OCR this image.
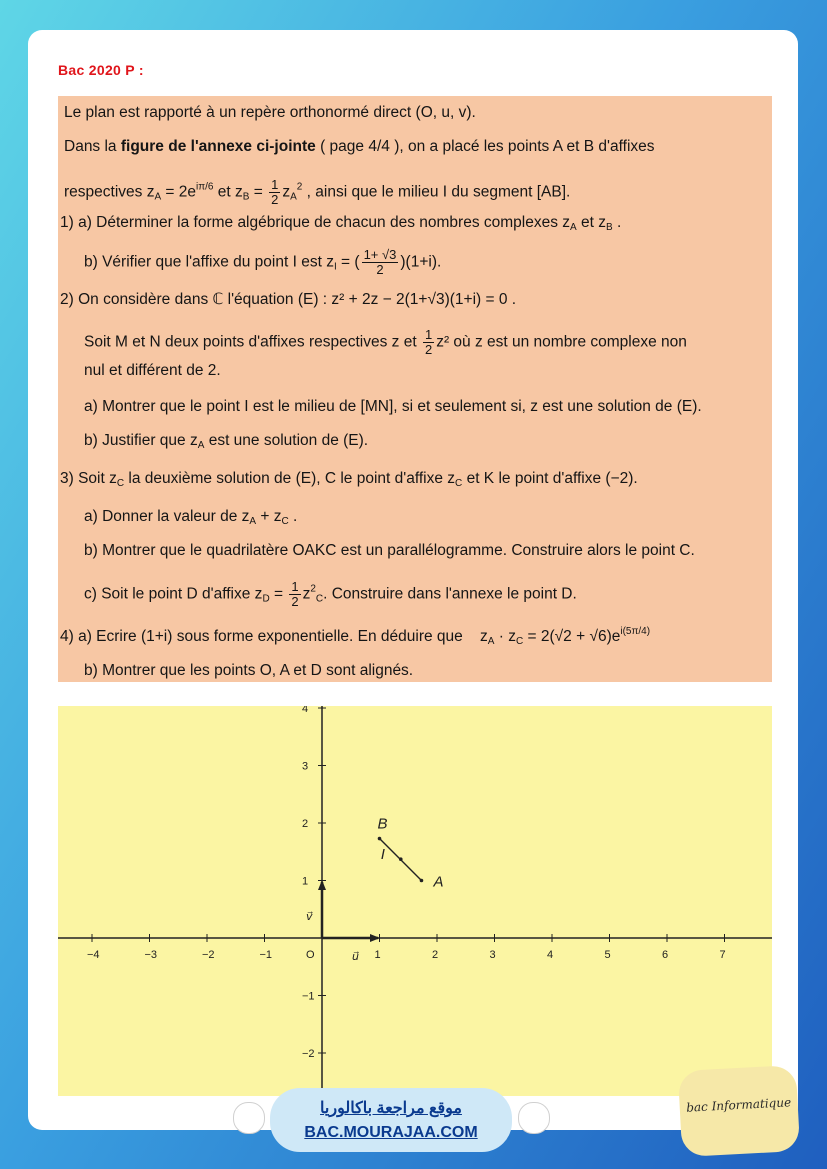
Bac 2020 P :
Le plan est rapporté à un repère orthonormé direct (O, u, v).
Dans la figure de l'annexe ci-jointe ( page 4/4 ), on a placé les points A et B d'affixes
respectives $z_A = 2e^{i\pi/6}$ et $z_B = \frac{1}{2} z_A^2$ , ainsi que le milieu I du segment [AB].
1) a) Déterminer la forme algébrique de chacun des nombres complexes $z_A$ et $z_B$ .
b) Vérifier que l'affixe du point I est $z_I$ = ( $\frac{1+ √3}{2} )(1+i)$.
2) On considère dans ℂ l'équation (E) : z² + 2z − 2(1+√3)(1+i) = 0 .
Soit M et N deux points d'affixes respectives z et $\frac{1}{2} z^2$ où z est un nombre complexe non
nul et différent de 2.
a) Montrer que le point I est le milieu de [MN], si et seulement si, z est une solution de (E).
b) Justifier que $z_A$ est une solution de (E).
3) Soit $z_C$ la deuxième solution de (E), C le point d'affixe $z_C$ et K le point d'affixe (−2).
a) Donner la valeur de $z_A + z_C$ .
b) Montrer que le quadrilatère OAKC est un parallélogramme. Construire alors le point C.
c) Soit le point D d'affixe $z_D = \frac{1}{2} z^2_C$. Construire dans l'annexe le point D.
4) a) Ecrire (1+i) sous forme exponentielle. En déduire que $z_A \cdot z_C = 2(√2 + √6)e^{i(5\pi/4)}$
b) Montrer que les points O, A et D sont alignés.
−4	−3	−2	−1	1	2	3	4	5	6	7
4
3
2
1
−1
−2
A
B
I
O	u⃗
v⃗
موقع مراجعة باكالوريا
BAC.MOURAJAA.COM
bac Informatique
